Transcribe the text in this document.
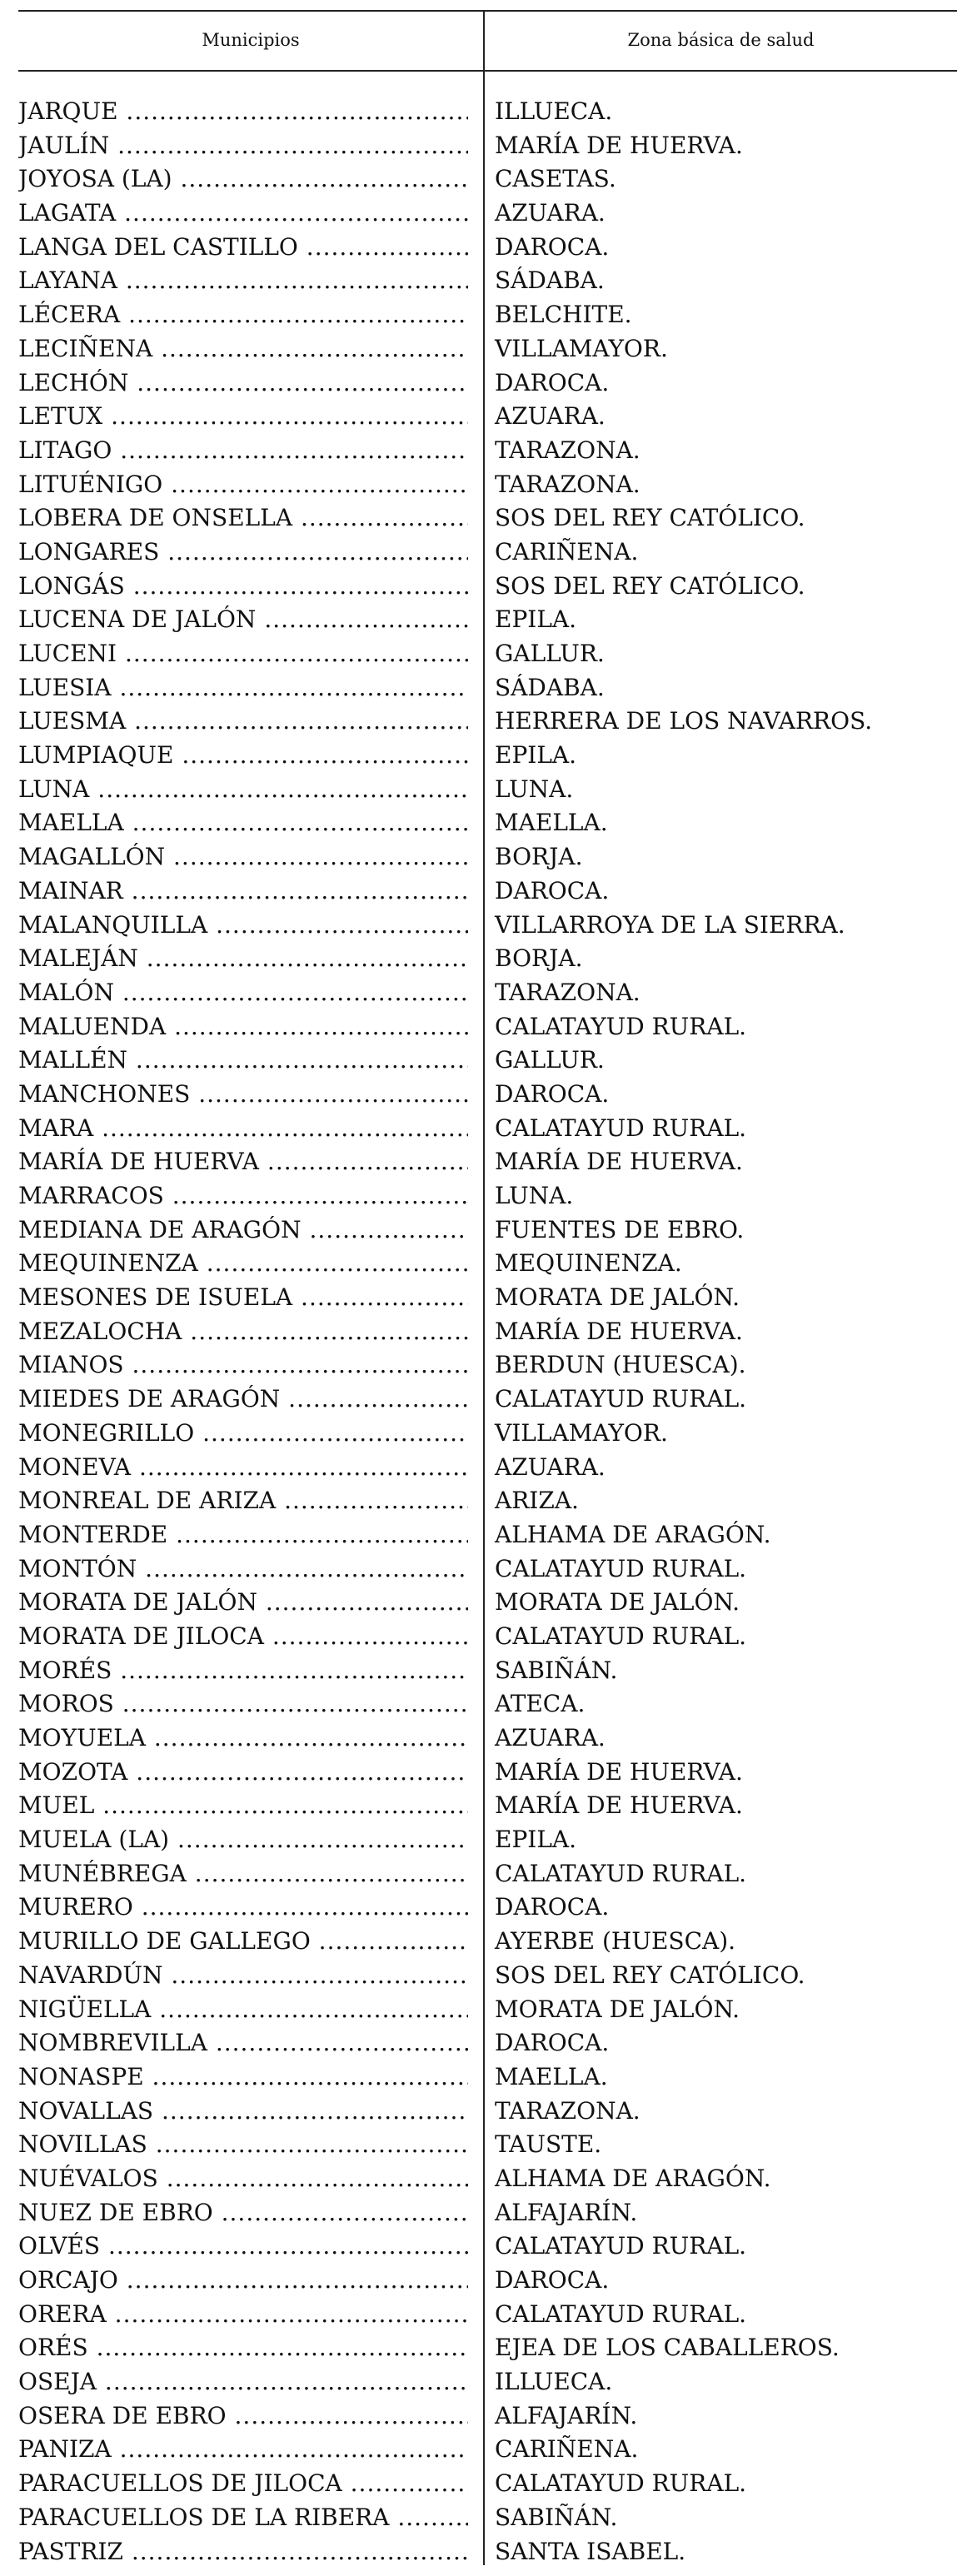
Municipios	Zona básica de salud
JARQUE .....	ILLUECA.
JAULÍN .....	MARÍA DE HUERVA.
JOYOSA (LA) .....	CASETAS.
LAGATA .....	AZUARA.
LANGA DEL CASTILLO .....	DAROCA.
LAYANA .....	SÁDABA.
LÉCERA .....	BELCHITE.
LECIÑENA .....	VILLAMAYOR.
LECHÓN .....	DAROCA.
LETUX .....	AZUARA.
LITAGO .....	TARAZONA.
LITUÉNIGO .....	TARAZONA.
LOBERA DE ONSELLA .....	SOS DEL REY CATÓLICO.
LONGARES .....	CARIÑENA.
LONGÁS .....	SOS DEL REY CATÓLICO.
LUCENA DE JALÓN .....	EPILA.
LUCENI .....	GALLUR.
LUESIA .....	SÁDABA.
LUESMA .....	HERRERA DE LOS NAVARROS.
LUMPIAQUE .....	EPILA.
LUNA .....	LUNA.
MAELLA .....	MAELLA.
MAGALLÓN .....	BORJA.
MAINAR .....	DAROCA.
MALANQUILLA .....	VILLARROYA DE LA SIERRA.
MALEJÁN .....	BORJA.
MALÓN .....	TARAZONA.
MALUENDA .....	CALATAYUD RURAL.
MALLÉN .....	GALLUR.
MANCHONES .....	DAROCA.
MARA .....	CALATAYUD RURAL.
MARÍA DE HUERVA .....	MARÍA DE HUERVA.
MARRACOS .....	LUNA.
MEDIANA DE ARAGÓN .....	FUENTES DE EBRO.
MEQUINENZA .....	MEQUINENZA.
MESONES DE ISUELA .....	MORATA DE JALÓN.
MEZALOCHA .....	MARÍA DE HUERVA.
MIANOS .....	BERDUN (HUESCA).
MIEDES DE ARAGÓN .....	CALATAYUD RURAL.
MONEGRILLO .....	VILLAMAYOR.
MONEVA .....	AZUARA.
MONREAL DE ARIZA .....	ARIZA.
MONTERDE .....	ALHAMA DE ARAGÓN.
MONTÓN .....	CALATAYUD RURAL.
MORATA DE JALÓN .....	MORATA DE JALÓN.
MORATA DE JILOCA .....	CALATAYUD RURAL.
MORÉS .....	SABIÑÁN.
MOROS .....	ATECA.
MOYUELA .....	AZUARA.
MOZOTA .....	MARÍA DE HUERVA.
MUEL .....	MARÍA DE HUERVA.
MUELA (LA) .....	EPILA.
MUNÉBREGA .....	CALATAYUD RURAL.
MURERO .....	DAROCA.
MURILLO DE GALLEGO .....	AYERBE (HUESCA).
NAVARDÚN .....	SOS DEL REY CATÓLICO.
NIGÜELLA .....	MORATA DE JALÓN.
NOMBREVILLA .....	DAROCA.
NONASPE .....	MAELLA.
NOVALLAS .....	TARAZONA.
NOVILLAS .....	TAUSTE.
NUÉVALOS .....	ALHAMA DE ARAGÓN.
NUEZ DE EBRO .....	ALFAJARÍN.
OLVÉS .....	CALATAYUD RURAL.
ORCAJO .....	DAROCA.
ORERA .....	CALATAYUD RURAL.
ORÉS .....	EJEA DE LOS CABALLEROS.
OSEJA .....	ILLUECA.
OSERA DE EBRO .....	ALFAJARÍN.
PANIZA .....	CARIÑENA.
PARACUELLOS DE JILOCA .....	CALATAYUD RURAL.
PARACUELLOS DE LA RIBERA .....	SABIÑÁN.
PASTRIZ .....	SANTA ISABEL.
